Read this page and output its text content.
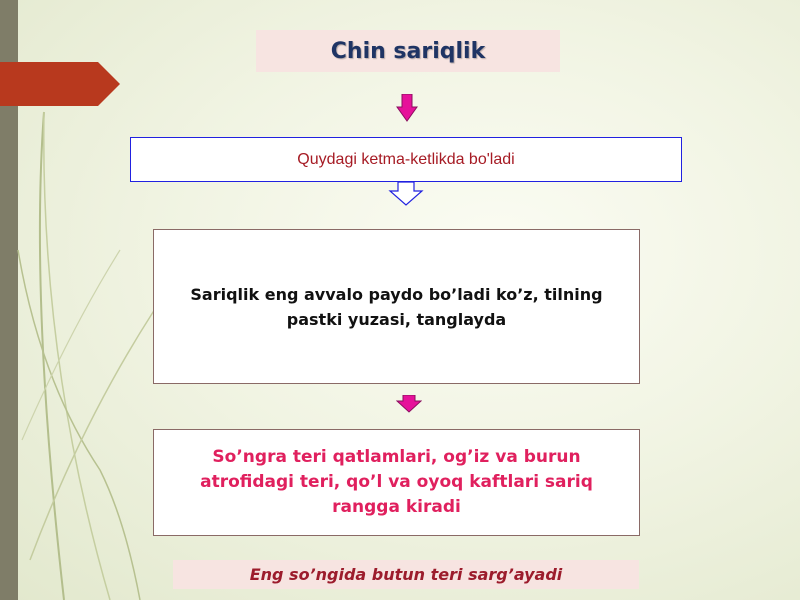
Chin sariqlik
Quydagi ketma-ketlikda bo'ladi
Sariqlik eng avvalo paydo bo’ladi ko’z, tilning pastki yuzasi, tanglayda
So’ngra teri qatlamlari, og’iz va burun atrofidagi teri, qo’l va oyoq kaftlari sariq rangga kiradi
Eng so’ngida butun teri sarg’ayadi
